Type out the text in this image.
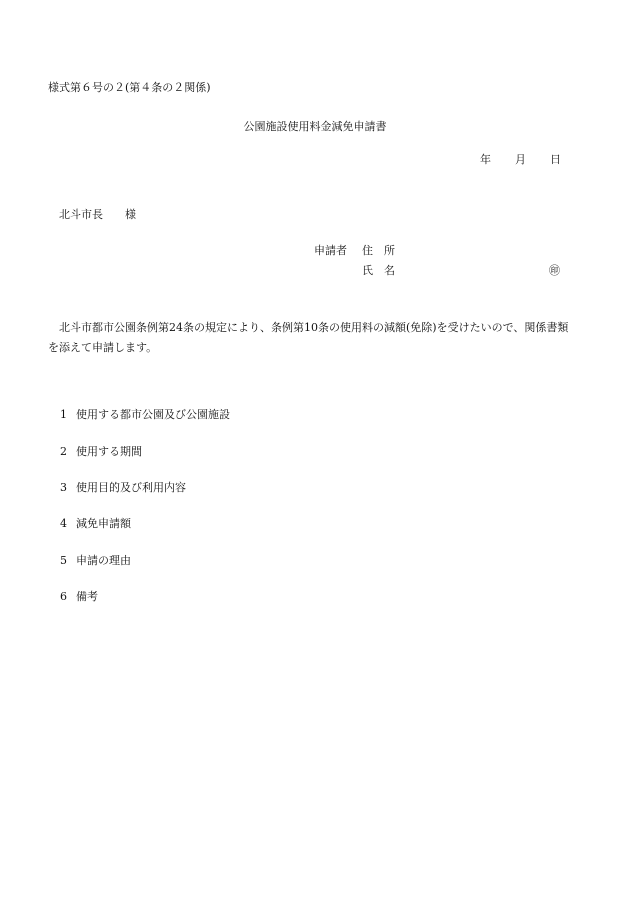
様式第６号の２(第４条の２関係)
公園施設使用料金減免申請書
年 月 日
北斗市長 様
申請者 住　所
氏　名	㊞
北斗市都市公園条例第24条の規定により、条例第10条の使用料の減額(免除)を受けたいので、関係書類を添えて申請します。
1 使用する都市公園及び公園施設
2 使用する期間
3 使用目的及び利用内容
4 減免申請額
5 申請の理由
6 備考
